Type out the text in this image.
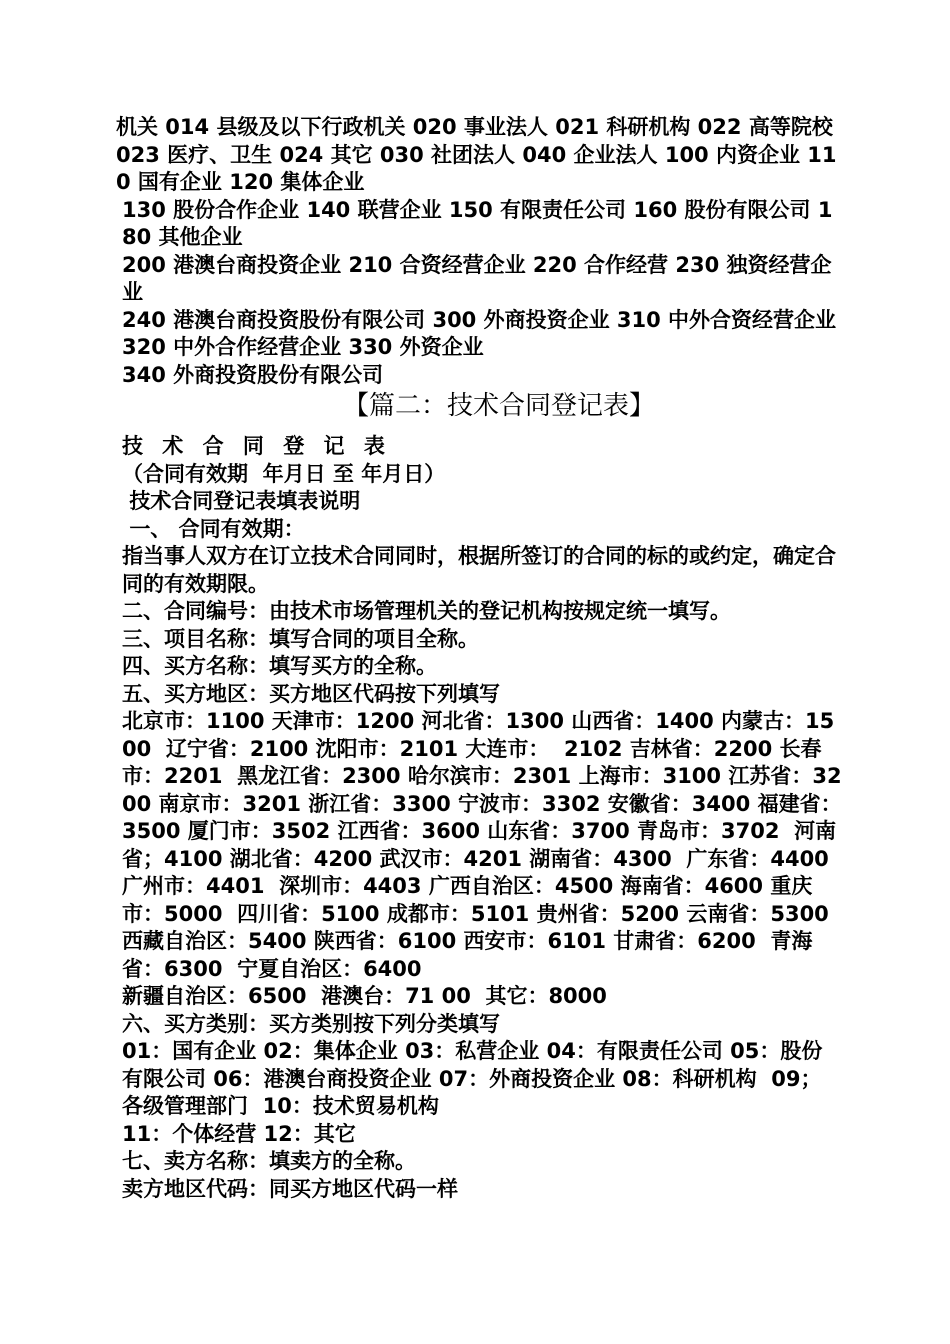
机关 014 县级及以下行政机关 020 事业法人 021 科研机构 022 高等院校 023 医疗、卫生 024 其它 030 社团法人 040 企业法人 100 内资企业 110 国有企业 120 集体企业

130 股份合作企业 140 联营企业 150 有限责任公司 160 股份有限公司 180 其他企业

200 港澳台商投资企业 210 合资经营企业 220 合作经营 230 独资经营企业

240 港澳台商投资股份有限公司 300 外商投资企业 310 中外合资经营企业 320 中外合作经营企业 330 外资企业

340 外商投资股份有限公司

【篇二：技术合同登记表】

技 术 合 同 登 记 表

（合同有效期  年月日 至 年月日）

技术合同登记表填表说明

一、 合同有效期：

指当事人双方在订立技术合同同时，根据所签订的合同的标的或约定，确定合同的有效期限。

二、合同编号：由技术市场管理机关的登记机构按规定统一填写。

三、项目名称：填写合同的项目全称。

四、买方名称：填写买方的全称。

五、买方地区：买方地区代码按下列填写

北京市：1100 天津市：1200 河北省：1300 山西省：1400 内蒙古：1500  辽宁省：2100 沈阳市：2101 大连市：  2102 吉林省：2200 长春市：2201  黑龙江省：2300 哈尔滨市：2301 上海市：3100 江苏省：3200 南京市：3201 浙江省：3300 宁波市：3302 安徽省：3400 福建省：3500 厦门市：3502 江西省：3600 山东省：3700 青岛市：3702  河南省；4100 湖北省：4200 武汉市：4201 湖南省：4300  广东省：4400 广州市：4401  深圳市：4403 广西自治区：4500 海南省：4600 重庆市：5000  四川省：5100 成都市：5101 贵州省：5200 云南省：5300 西藏自治区：5400 陕西省：6100 西安市：6101 甘肃省：6200  青海省：6300  宁夏自治区：6400

新疆自治区：6500  港澳台：71 00  其它：8000

六、买方类别：买方类别按下列分类填写

01：国有企业 02：集体企业 03：私营企业 04：有限责任公司 05：股份有限公司 06：港澳台商投资企业 07：外商投资企业 08：科研机构  09；各级管理部门  10：技术贸易机构

11：个体经营 12：其它

七、卖方名称：填卖方的全称。

卖方地区代码：同买方地区代码一样
